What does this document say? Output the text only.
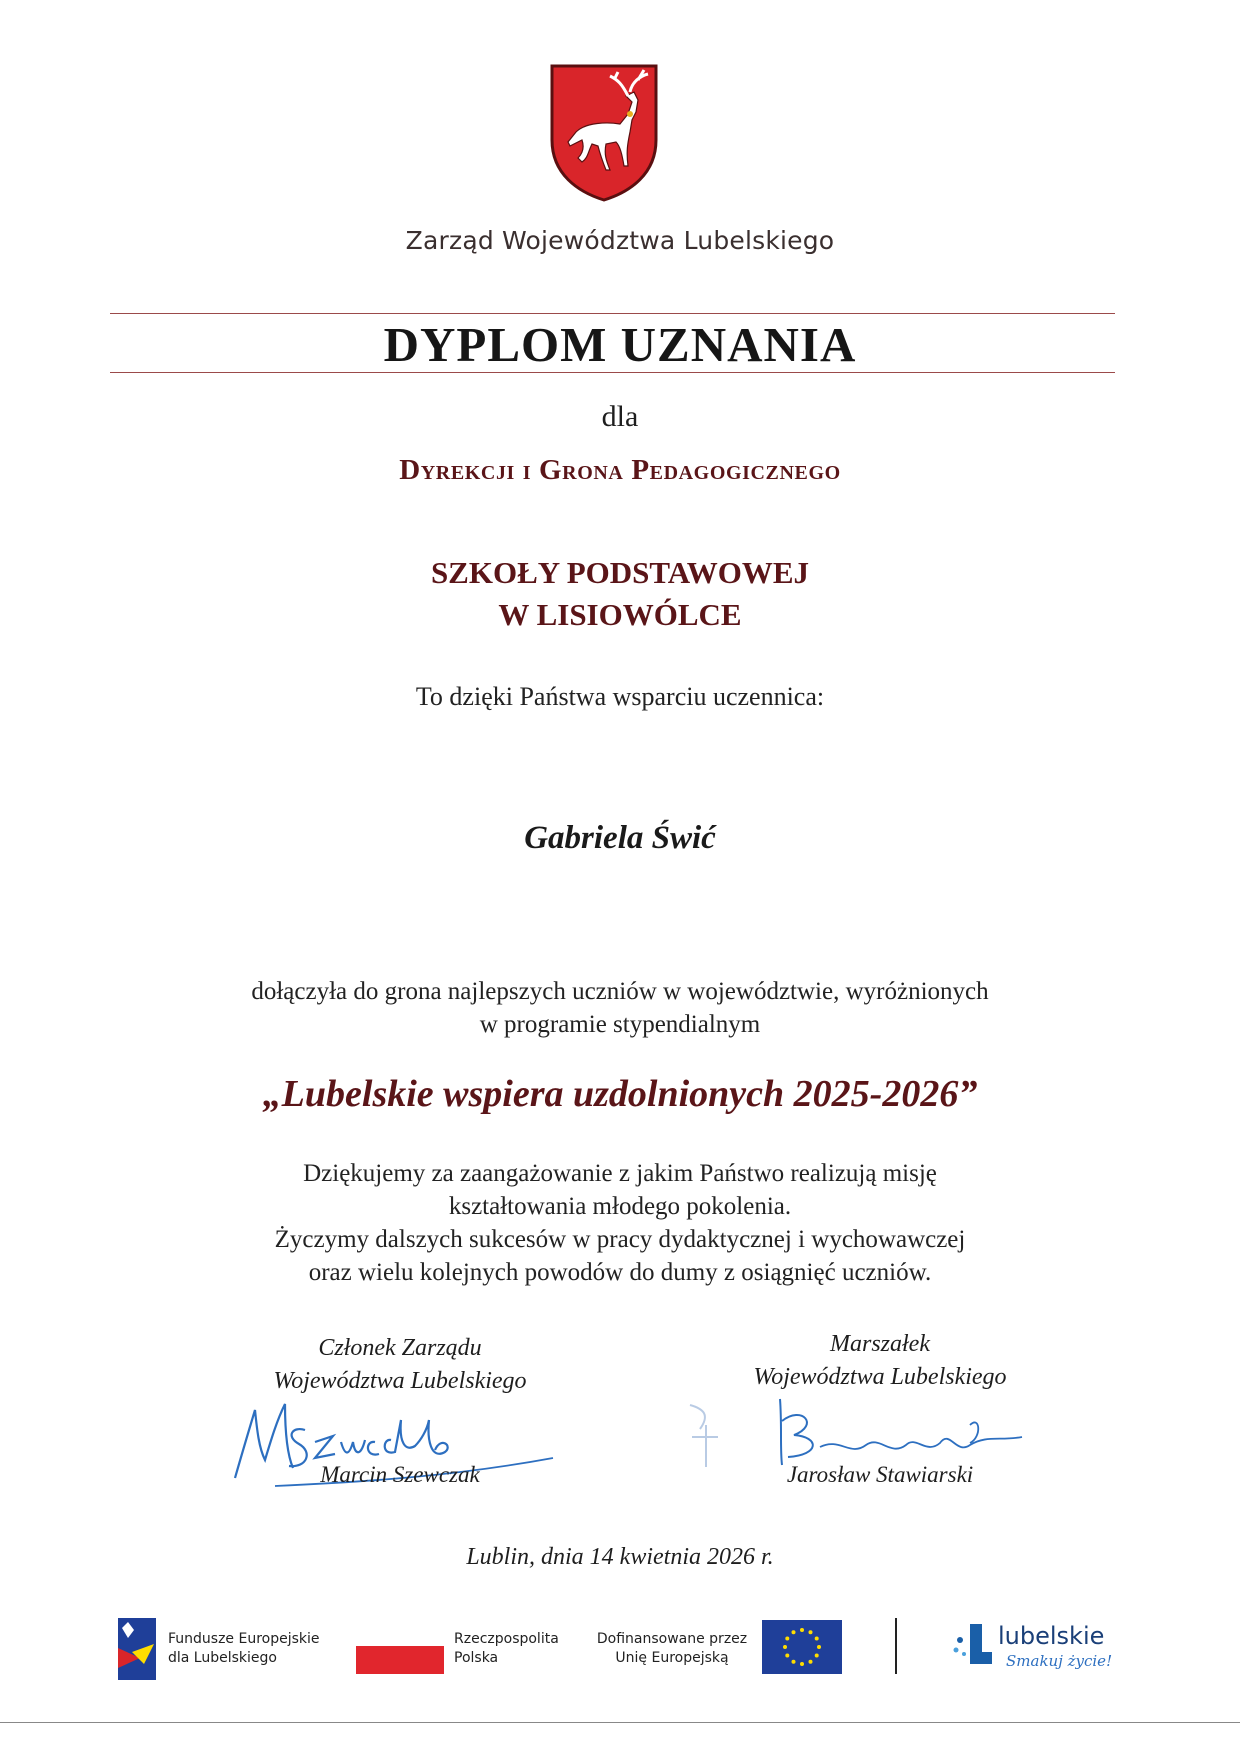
Zarząd Województwa Lubelskiego
DYPLOM UZNANIA
dla
Dyrekcji i Grona Pedagogicznego
SZKOŁY PODSTAWOWEJ
W LISIOWÓLCE
To dzięki Państwa wsparciu uczennica:
Gabriela Świć
dołączyła do grona najlepszych uczniów w województwie, wyróżnionych
w programie stypendialnym
„Lubelskie wspiera uzdolnionych 2025-2026”
Dziękujemy za zaangażowanie z jakim Państwo realizują misję
kształtowania młodego pokolenia.
Życzymy dalszych sukcesów w pracy dydaktycznej i wychowawczej
oraz wielu kolejnych powodów do dumy z osiągnięć uczniów.
Członek Zarządu
Województwa Lubelskiego
Marcin Szewczak
Marszałek
Województwa Lubelskiego
Jarosław Stawiarski
Lublin, dnia 14 kwietnia 2026 r.
Fundusze Europejskie
dla Lubelskiego
Rzeczpospolita
Polska
Dofinansowane przez
Unię Europejską
lubelskie
Smakuj życie!
